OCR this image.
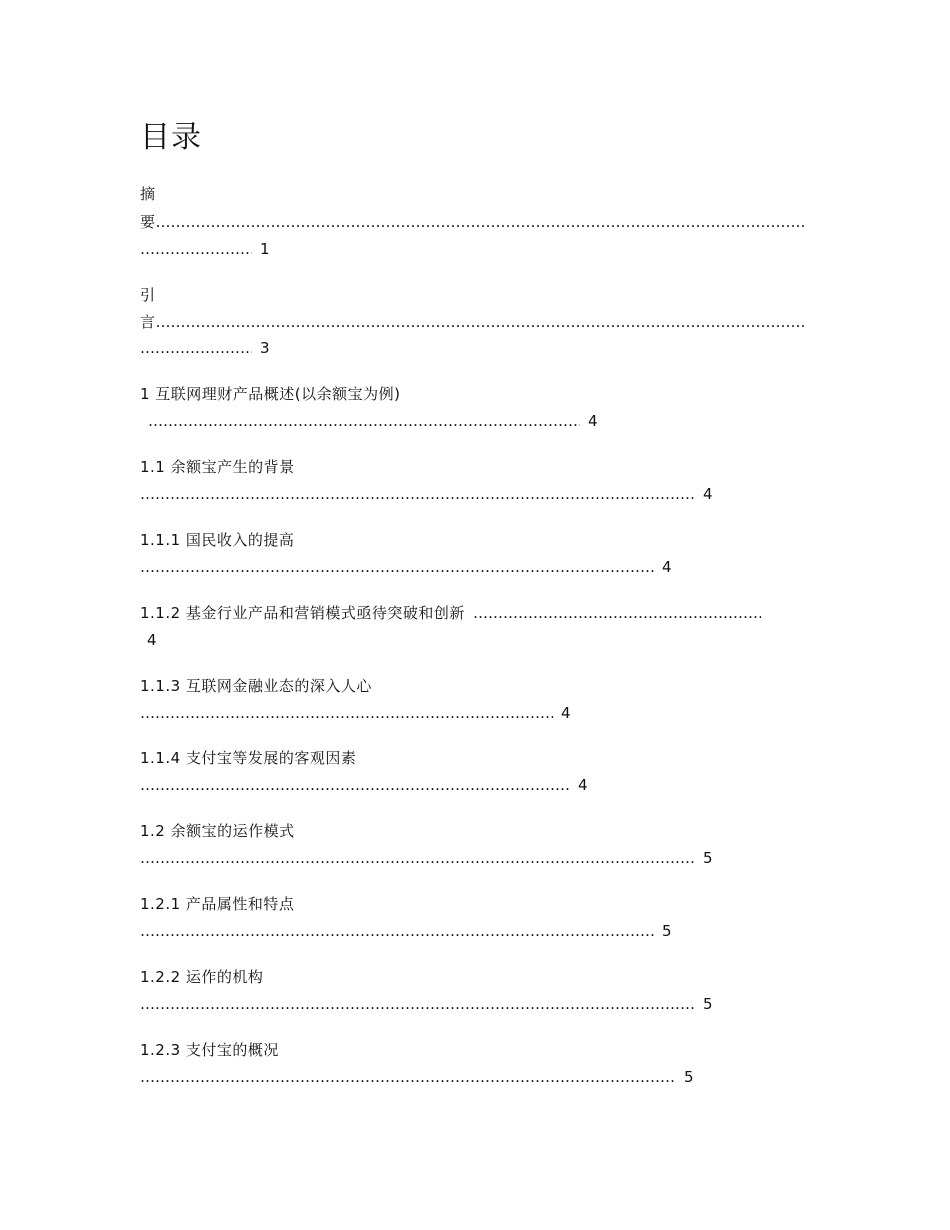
目录
摘
要………………………………………………………………………………………………………………………………………………………………………………………………………………………………………
………………………………………………………………………………………………………………………………………………………………………………………………………………………………………1
引
言………………………………………………………………………………………………………………………………………………………………………………………………………………………………………
………………………………………………………………………………………………………………………………………………………………………………………………………………………………………3
1 互联网理财产品概述(以余额宝为例)
………………………………………………………………………………………………………………………………………………………………………………………………………………………………………4
1.1 余额宝产生的背景
………………………………………………………………………………………………………………………………………………………………………………………………………………………………………4
1.1.1 国民收入的提高
………………………………………………………………………………………………………………………………………………………………………………………………………………………………………4
1.1.2 基金行业产品和营销模式亟待突破和创新………………………………………………………………………………………………………………………………………………………………………………………………………………………………………
4
1.1.3 互联网金融业态的深入人心
………………………………………………………………………………………………………………………………………………………………………………………………………………………………………4
1.1.4 支付宝等发展的客观因素
………………………………………………………………………………………………………………………………………………………………………………………………………………………………………4
1.2 余额宝的运作模式
………………………………………………………………………………………………………………………………………………………………………………………………………………………………………5
1.2.1 产品属性和特点
………………………………………………………………………………………………………………………………………………………………………………………………………………………………………5
1.2.2 运作的机构
………………………………………………………………………………………………………………………………………………………………………………………………………………………………………5
1.2.3 支付宝的概况
………………………………………………………………………………………………………………………………………………………………………………………………………………………………………5
